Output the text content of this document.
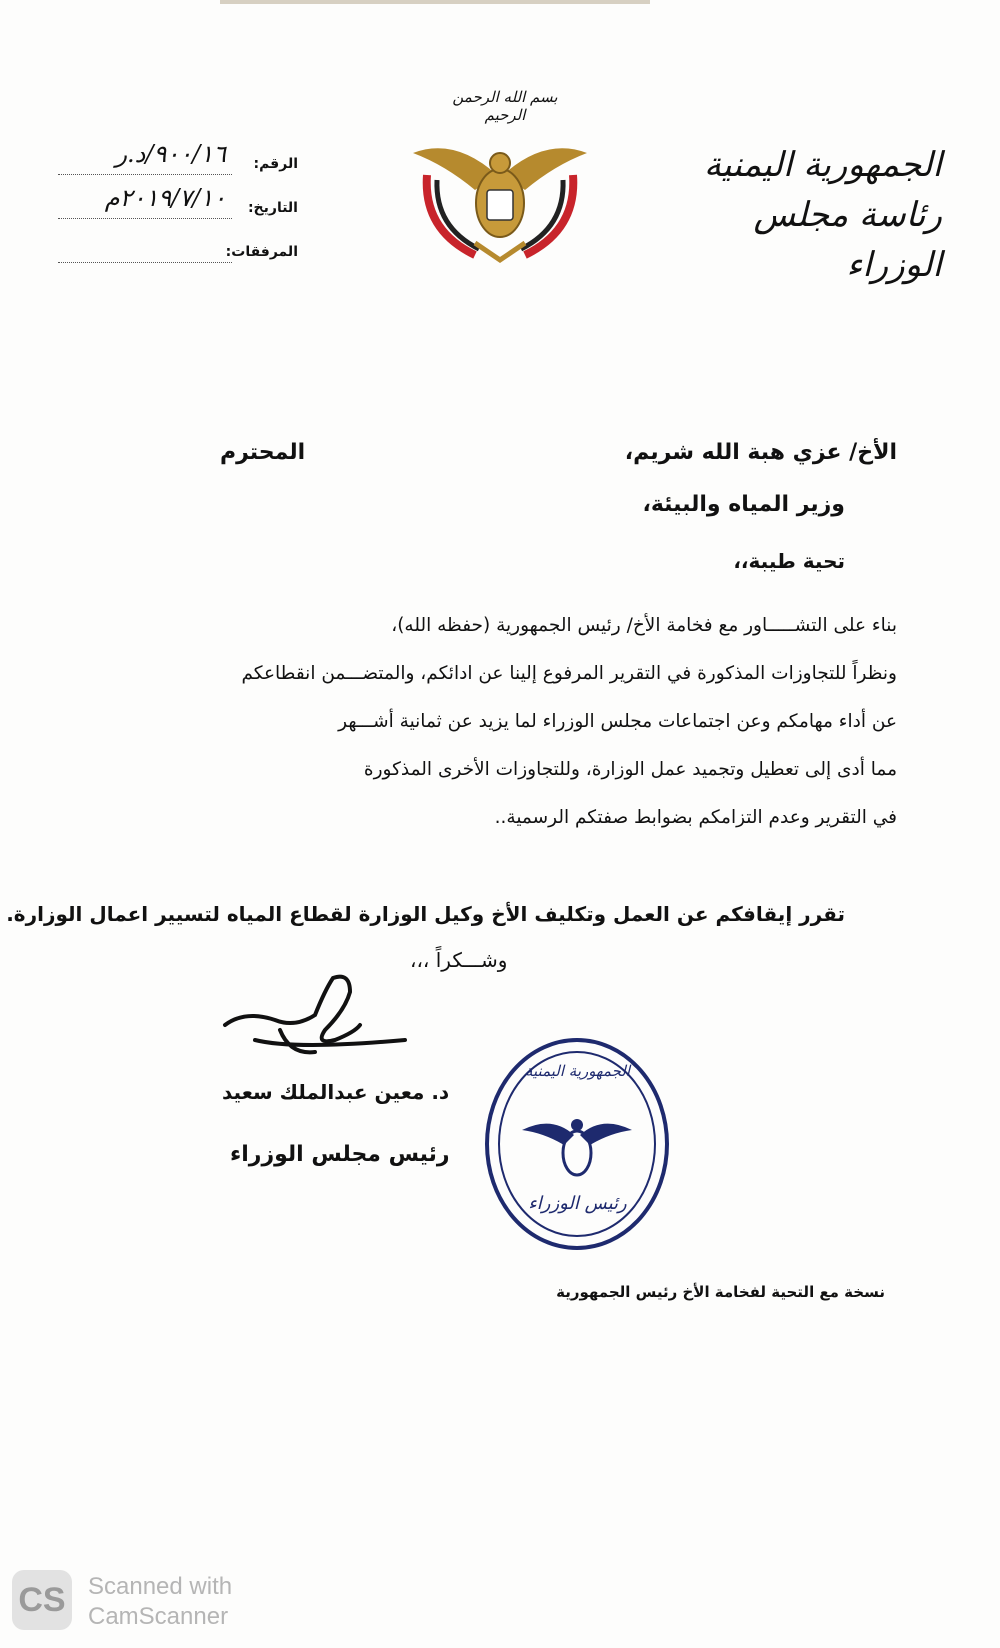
بسم الله الرحمن الرحيم
الجمهورية اليمنية
رئاسة مجلس الوزراء
الرقم:
٩٠٠/١٦/د.ر
التاريخ:
٢٠١٩/٧/١٠م
المرفقات:
الأخ/ عزي هبة الله شريم،
المحترم
وزير المياه والبيئة،
تحية طيبة،،

بناء على التشـــــاور مع فخامة الأخ/ رئيس الجمهورية (حفظه الله)،

ونظراً للتجاوزات المذكورة في التقرير المرفوع إلينا عن ادائكم، والمتضـــمن انقطاعكم

عن أداء مهامكم وعن اجتماعات مجلس الوزراء لما يزيد عن ثمانية أشـــهر

مما أدى إلى تعطيل وتجميد عمل الوزارة، وللتجاوزات الأخرى المذكورة

في التقرير وعدم التزامكم بضوابط صفتكم الرسمية..

تقرر إيقافكم عن العمل وتكليف الأخ وكيل الوزارة لقطاع المياه لتسيير اعمال الوزارة.
وشـــكراً ،،،
د. معين عبدالملك سعيد
رئيس مجلس الوزراء
الجمهورية اليمنية
رئيس الوزراء
نسخة مع التحية لفخامة الأخ رئيس الجمهورية
CS Scanned with
CamScanner
